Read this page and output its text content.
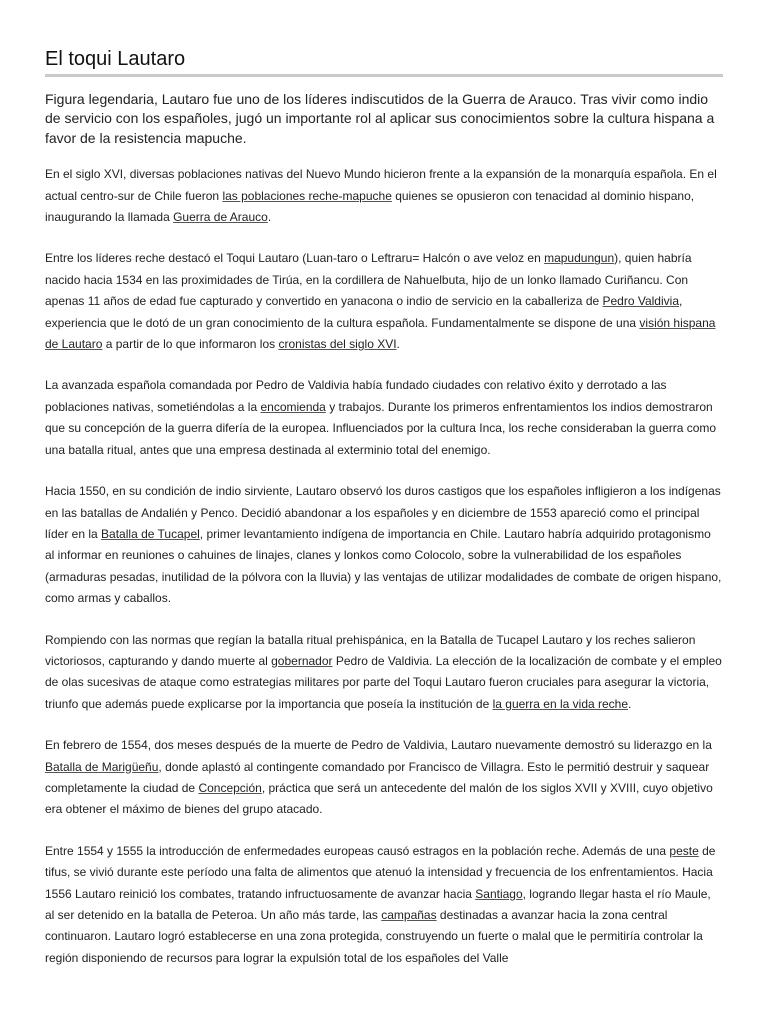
El toqui Lautaro
Figura legendaria, Lautaro fue uno de los líderes indiscutidos de la Guerra de Arauco. Tras vivir como indio de servicio con los españoles, jugó un importante rol al aplicar sus conocimientos sobre la cultura hispana a favor de la resistencia mapuche.

En el siglo XVI, diversas poblaciones nativas del Nuevo Mundo hicieron frente a la expansión de la monarquía española. En el actual centro-sur de Chile fueron las poblaciones reche-mapuche quienes se opusieron con tenacidad al dominio hispano, inaugurando la llamada Guerra de Arauco.

Entre los líderes reche destacó el Toqui Lautaro (Luan-taro o Leftraru= Halcón o ave veloz en mapudungun), quien habría nacido hacia 1534 en las proximidades de Tirúa, en la cordillera de Nahuelbuta, hijo de un lonko llamado Curiñancu. Con apenas 11 años de edad fue capturado y convertido en yanacona o indio de servicio en la caballeriza de Pedro Valdivia, experiencia que le dotó de un gran conocimiento de la cultura española. Fundamentalmente se dispone de una visión hispana de Lautaro a partir de lo que informaron los cronistas del siglo XVI.

La avanzada española comandada por Pedro de Valdivia había fundado ciudades con relativo éxito y derrotado a las poblaciones nativas, sometiéndolas a la encomienda y trabajos. Durante los primeros enfrentamientos los indios demostraron que su concepción de la guerra difería de la europea. Influenciados por la cultura Inca, los reche consideraban la guerra como una batalla ritual, antes que una empresa destinada al exterminio total del enemigo.

Hacia 1550, en su condición de indio sirviente, Lautaro observó los duros castigos que los españoles infligieron a los indígenas en las batallas de Andalién y Penco. Decidió abandonar a los españoles y en diciembre de 1553 apareció como el principal líder en la Batalla de Tucapel, primer levantamiento indígena de importancia en Chile. Lautaro habría adquirido protagonismo al informar en reuniones o cahuines de linajes, clanes y lonkos como Colocolo, sobre la vulnerabilidad de los españoles (armaduras pesadas, inutilidad de la pólvora con la lluvia) y las ventajas de utilizar modalidades de combate de origen hispano, como armas y caballos.

Rompiendo con las normas que regían la batalla ritual prehispánica, en la Batalla de Tucapel Lautaro y los reches salieron victoriosos, capturando y dando muerte al gobernador Pedro de Valdivia. La elección de la localización de combate y el empleo de olas sucesivas de ataque como estrategias militares por parte del Toqui Lautaro fueron cruciales para asegurar la victoria, triunfo que además puede explicarse por la importancia que poseía la institución de la guerra en la vida reche.

En febrero de 1554, dos meses después de la muerte de Pedro de Valdivia, Lautaro nuevamente demostró su liderazgo en la Batalla de Marigüeñu, donde aplastó al contingente comandado por Francisco de Villagra. Esto le permitió destruir y saquear completamente la ciudad de Concepción, práctica que será un antecedente del malón de los siglos XVII y XVIII, cuyo objetivo era obtener el máximo de bienes del grupo atacado.

Entre 1554 y 1555 la introducción de enfermedades europeas causó estragos en la población reche. Además de una peste de tifus, se vivió durante este período una falta de alimentos que atenuó la intensidad y frecuencia de los enfrentamientos. Hacia 1556 Lautaro reinició los combates, tratando infructuosamente de avanzar hacia Santiago, logrando llegar hasta el río Maule, al ser detenido en la batalla de Peteroa. Un año más tarde, las campañas destinadas a avanzar hacia la zona central continuaron. Lautaro logró establecerse en una zona protegida, construyendo un fuerte o malal que le permitiría controlar la región disponiendo de recursos para lograr la expulsión total de los españoles del Valle
